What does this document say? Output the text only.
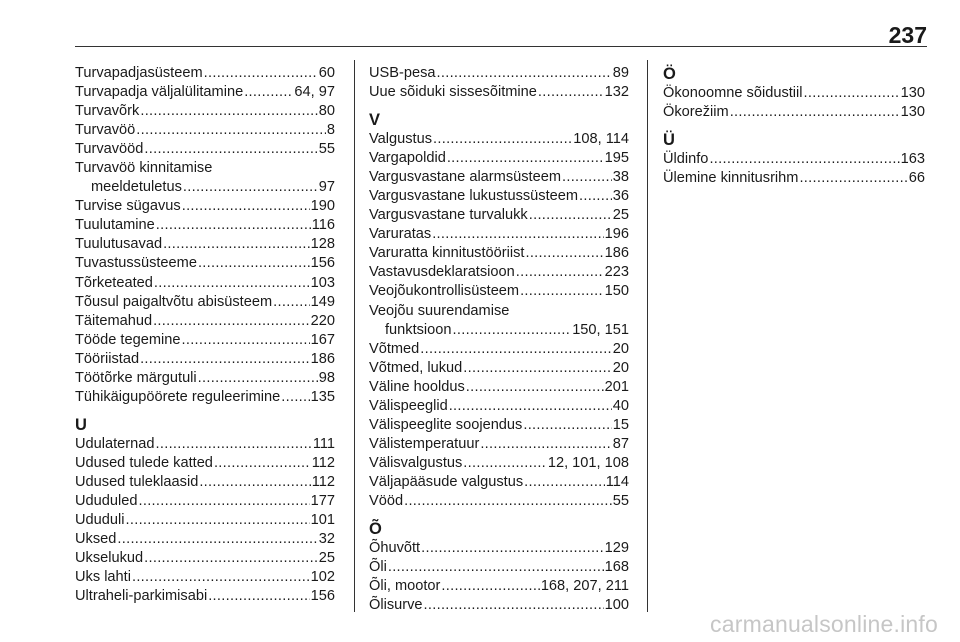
237
Turvapadjasüsteem .....	60
Turvapadja väljalülitamine .....	64, 97
Turvavõrk .....	80
Turvavöö .....	8
Turvavööd .....	55
Turvavöö kinnitamise
meeldetuletus .....	97
Turvise sügavus .....	190
Tuulutamine .....	116
Tuulutusavad .....	128
Tuvastussüsteeme .....	156
Tõrketeated .....	103
Tõusul paigaltvõtu abisüsteem .....	149
Täitemahud .....	220
Tööde tegemine .....	167
Tööriistad .....	186
Töötõrke märgutuli .....	98
Tühikäigupöörete reguleerimine ..... 135
U
Udulaternad .....	111
Udused tulede katted .....	112
Udused tuleklaasid .....	112
Ududuled .....	177
Ududuli .....	101
Uksed .....	32
Ukselukud .....	25
Uks lahti .....	102
Ultraheli-parkimisabi .....	156
USB-pesa .....	89
Uue sõiduki sissesõitmine .....	132
V
Valgustus .....	108, 114
Vargapoldid .....	195
Vargusvastane alarmsüsteem .....	38
Vargusvastane lukustussüsteem ..... 36
Vargusvastane turvalukk .....	25
Varuratas .....	196
Varuratta kinnitustööriist .....	186
Vastavusdeklaratsioon .....	223
Veojõukontrollisüsteem .....	150
Veojõu suurendamise
funktsioon .....	150, 151
Võtmed .....	20
Võtmed, lukud .....	20
Väline hooldus .....	201
Välispeeglid .....	40
Välispeeglite soojendus .....	15
Välistemperatuur .....	87
Välisvalgustus .....	12, 101, 108
Väljapääsude valgustus .....	114
Vööd .....	55
Õ
Õhuvõtt .....	129
Õli .....	168
Õli, mootor .....	168, 207, 211
Õlisurve .....	100
Ö
Ökonoomne sõidustiil .....	130
Ökorežiim .....	130
Ü
Üldinfo .....	163
Ülemine kinnitusrihm .....	66
carmanualsonline.info
